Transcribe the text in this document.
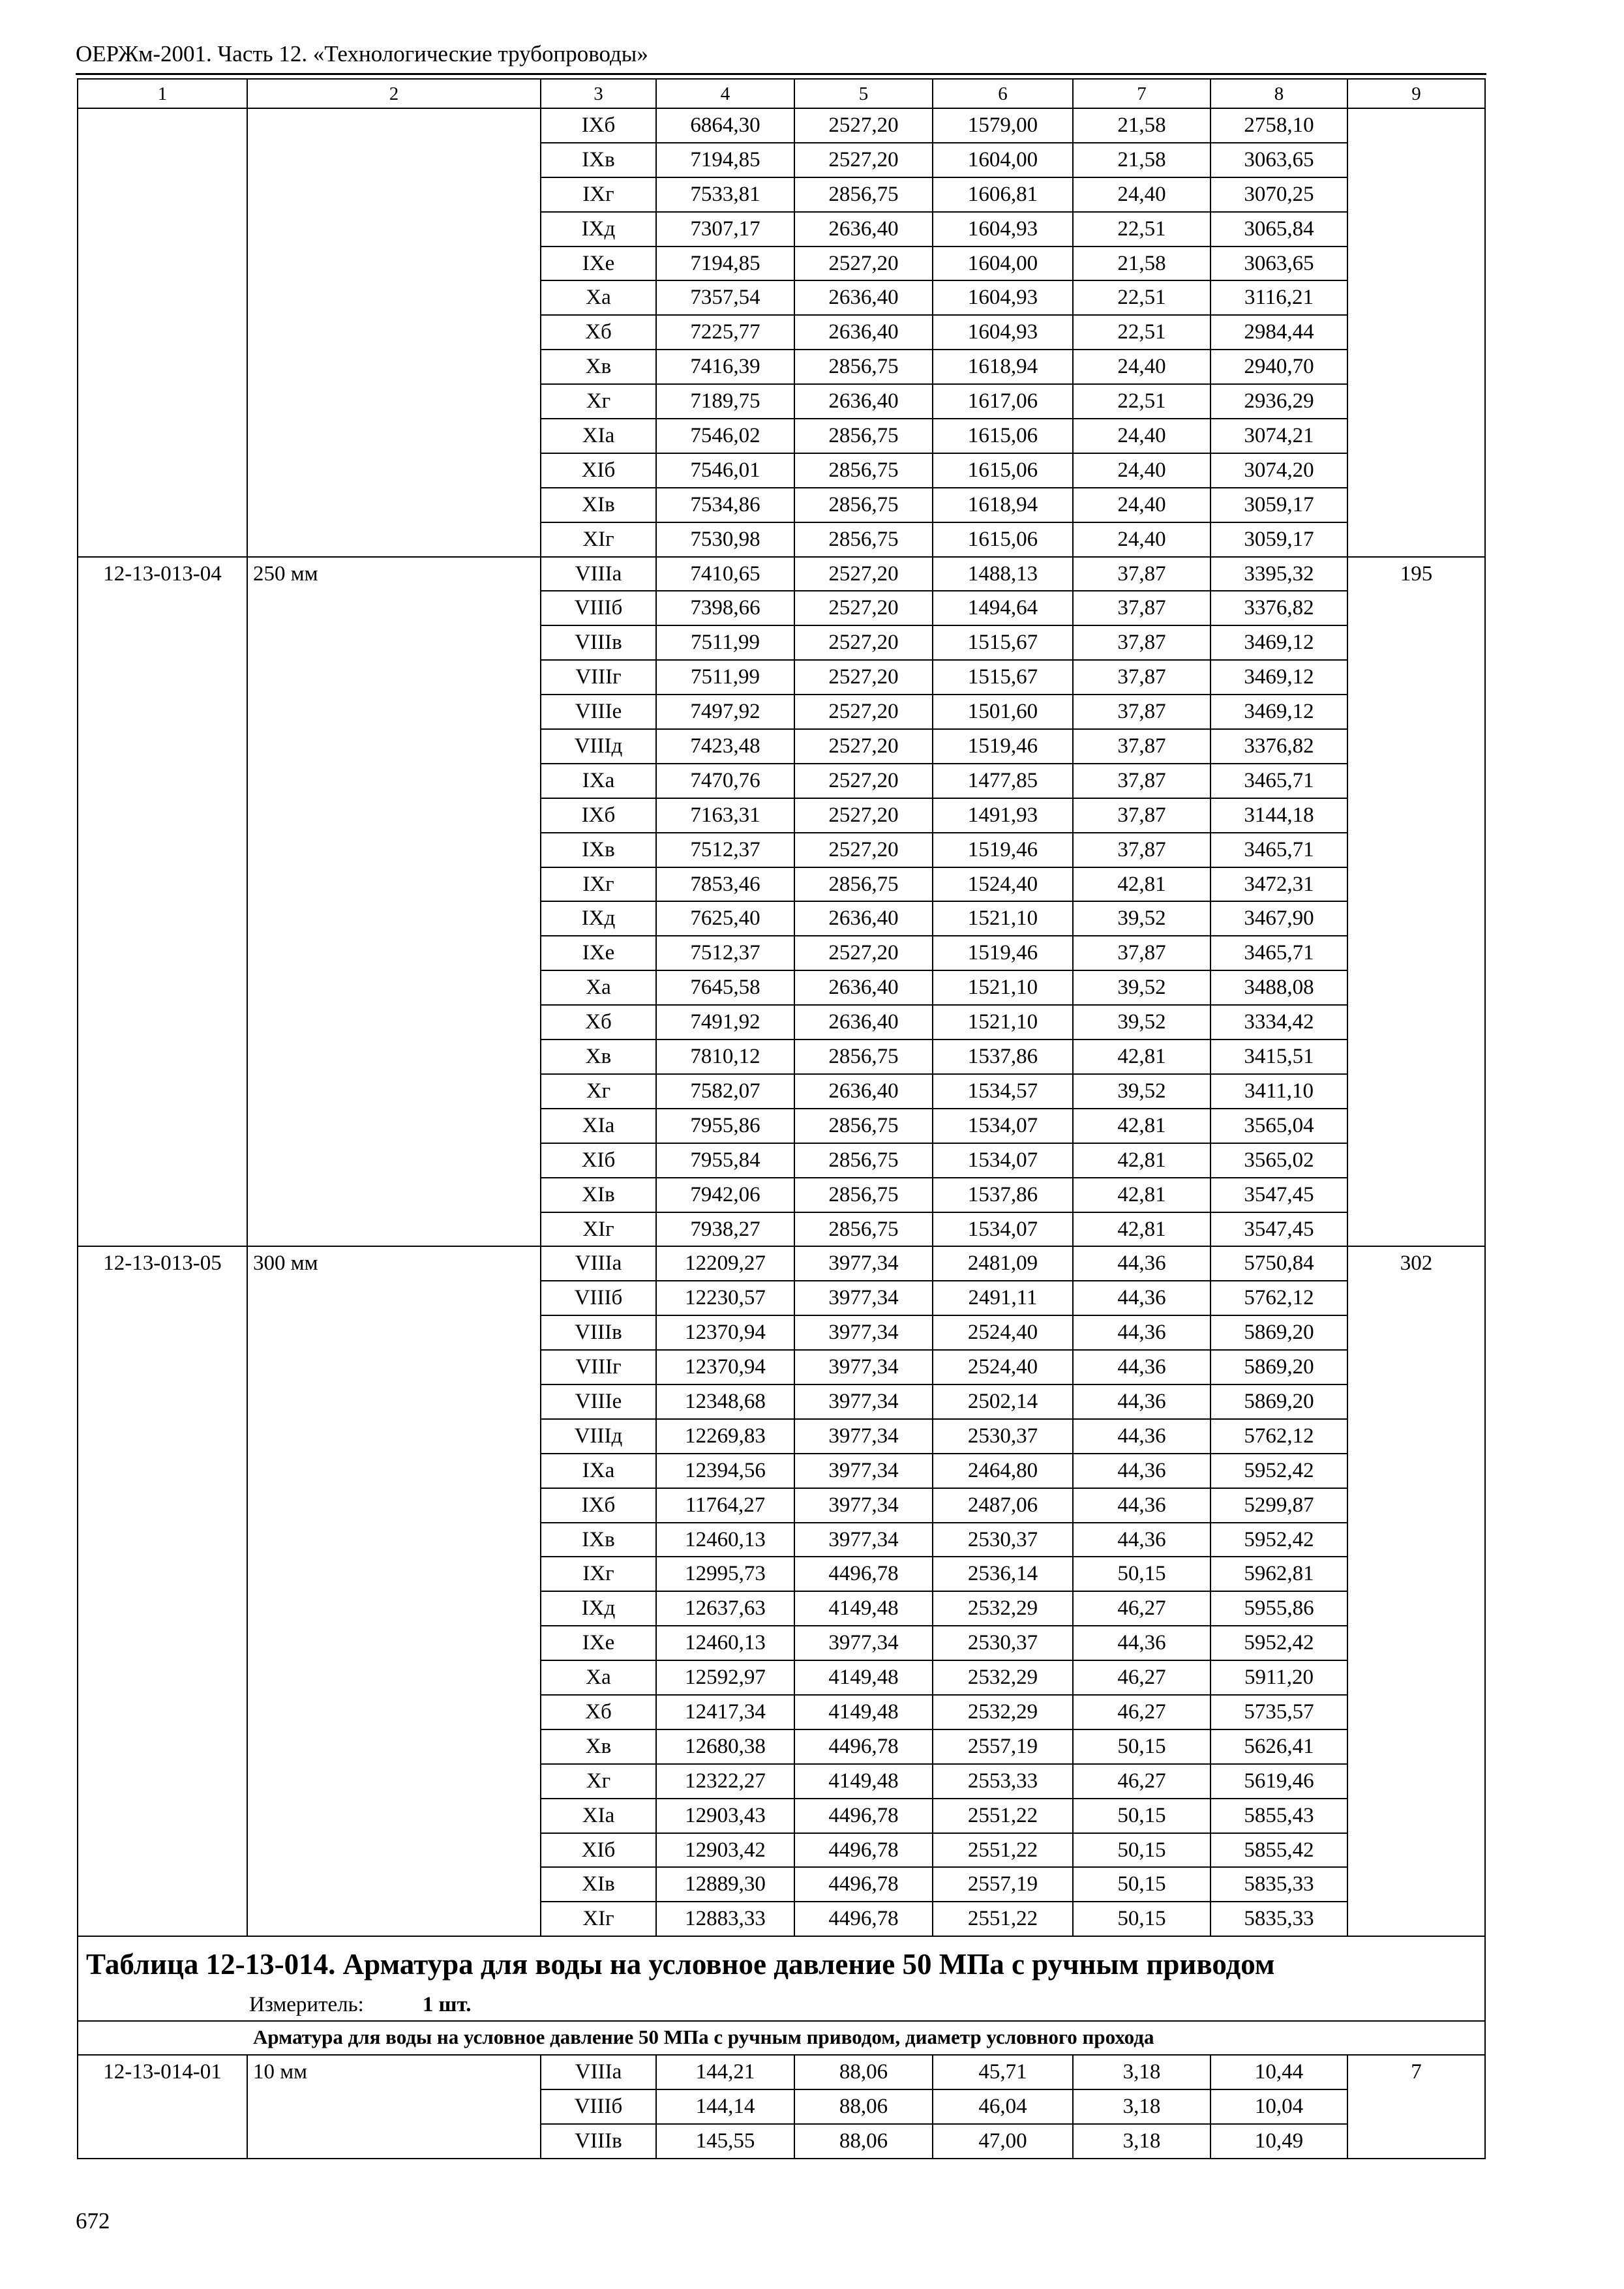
ОЕРЖм-2001. Часть 12. «Технологические трубопроводы»
1	2	3	4	5	6	7	8	9
		IXб	6864,30	2527,20	1579,00	21,58	2758,10	
		IXв	7194,85	2527,20	1604,00	21,58	3063,65	
		IXг	7533,81	2856,75	1606,81	24,40	3070,25	
		IXд	7307,17	2636,40	1604,93	22,51	3065,84	
		IXе	7194,85	2527,20	1604,00	21,58	3063,65	
		Xа	7357,54	2636,40	1604,93	22,51	3116,21	
		Xб	7225,77	2636,40	1604,93	22,51	2984,44	
		Xв	7416,39	2856,75	1618,94	24,40	2940,70	
		Xг	7189,75	2636,40	1617,06	22,51	2936,29	
		XIа	7546,02	2856,75	1615,06	24,40	3074,21	
		XIб	7546,01	2856,75	1615,06	24,40	3074,20	
		XIв	7534,86	2856,75	1618,94	24,40	3059,17	
		XIг	7530,98	2856,75	1615,06	24,40	3059,17	
12-13-013-04	250 мм	VIIIа	7410,65	2527,20	1488,13	37,87	3395,32	195
		VIIIб	7398,66	2527,20	1494,64	37,87	3376,82	
		VIIIв	7511,99	2527,20	1515,67	37,87	3469,12	
		VIIIг	7511,99	2527,20	1515,67	37,87	3469,12	
		VIIIе	7497,92	2527,20	1501,60	37,87	3469,12	
		VIIIд	7423,48	2527,20	1519,46	37,87	3376,82	
		IXа	7470,76	2527,20	1477,85	37,87	3465,71	
		IXб	7163,31	2527,20	1491,93	37,87	3144,18	
		IXв	7512,37	2527,20	1519,46	37,87	3465,71	
		IXг	7853,46	2856,75	1524,40	42,81	3472,31	
		IXд	7625,40	2636,40	1521,10	39,52	3467,90	
		IXе	7512,37	2527,20	1519,46	37,87	3465,71	
		Xа	7645,58	2636,40	1521,10	39,52	3488,08	
		Xб	7491,92	2636,40	1521,10	39,52	3334,42	
		Xв	7810,12	2856,75	1537,86	42,81	3415,51	
		Xг	7582,07	2636,40	1534,57	39,52	3411,10	
		XIа	7955,86	2856,75	1534,07	42,81	3565,04	
		XIб	7955,84	2856,75	1534,07	42,81	3565,02	
		XIв	7942,06	2856,75	1537,86	42,81	3547,45	
		XIг	7938,27	2856,75	1534,07	42,81	3547,45	
12-13-013-05	300 мм	VIIIа	12209,27	3977,34	2481,09	44,36	5750,84	302
		VIIIб	12230,57	3977,34	2491,11	44,36	5762,12	
		VIIIв	12370,94	3977,34	2524,40	44,36	5869,20	
		VIIIг	12370,94	3977,34	2524,40	44,36	5869,20	
		VIIIе	12348,68	3977,34	2502,14	44,36	5869,20	
		VIIIд	12269,83	3977,34	2530,37	44,36	5762,12	
		IXа	12394,56	3977,34	2464,80	44,36	5952,42	
		IXб	11764,27	3977,34	2487,06	44,36	5299,87	
		IXв	12460,13	3977,34	2530,37	44,36	5952,42	
		IXг	12995,73	4496,78	2536,14	50,15	5962,81	
		IXд	12637,63	4149,48	2532,29	46,27	5955,86	
		IXе	12460,13	3977,34	2530,37	44,36	5952,42	
		Xа	12592,97	4149,48	2532,29	46,27	5911,20	
		Xб	12417,34	4149,48	2532,29	46,27	5735,57	
		Xв	12680,38	4496,78	2557,19	50,15	5626,41	
		Xг	12322,27	4149,48	2553,33	46,27	5619,46	
		XIа	12903,43	4496,78	2551,22	50,15	5855,43	
		XIб	12903,42	4496,78	2551,22	50,15	5855,42	
		XIв	12889,30	4496,78	2557,19	50,15	5835,33	
		XIг	12883,33	4496,78	2551,22	50,15	5835,33	
Таблица 12-13-014. Арматура для воды на условное давление 50 МПа с ручным приводом								
Измеритель: 1 шт.								
Арматура для воды на условное давление 50 МПа с ручным приводом, диаметр условного прохода								
12-13-014-01	10 мм	VIIIа	144,21	88,06	45,71	3,18	10,44	7
		VIIIб	144,14	88,06	46,04	3,18	10,04	
		VIIIв	145,55	88,06	47,00	3,18	10,49	
672
